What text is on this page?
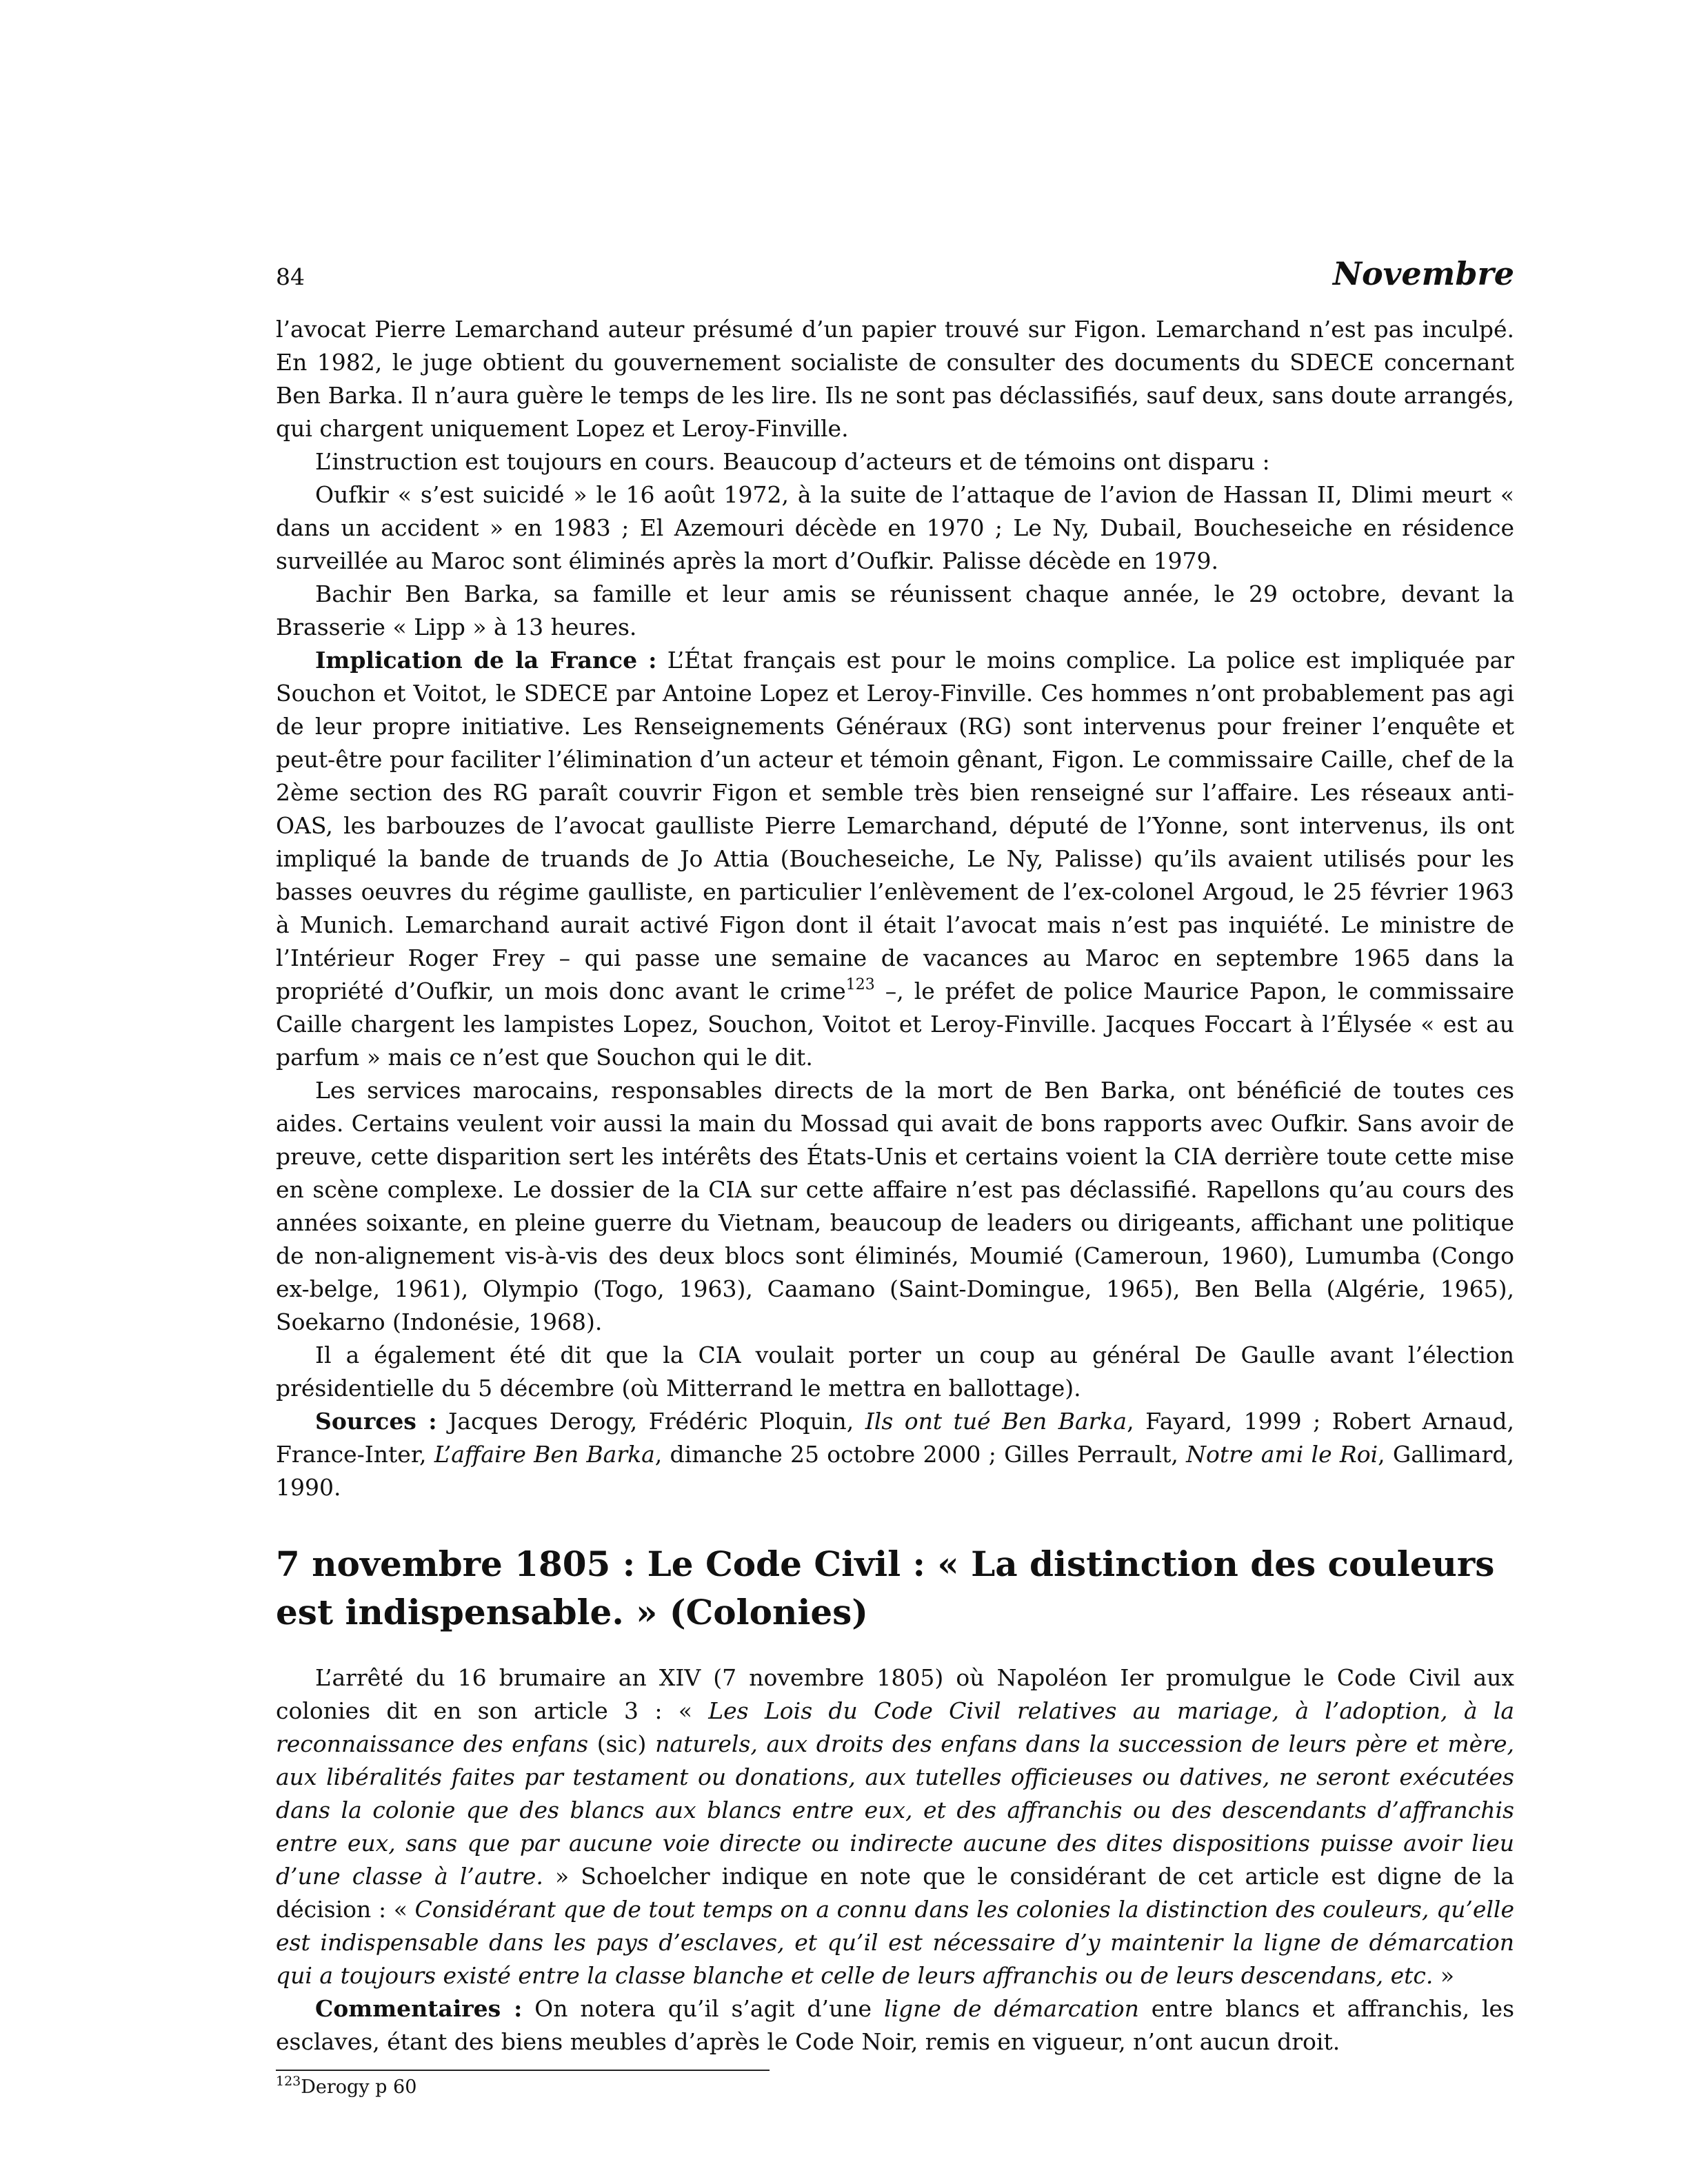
84	Novembre

l’avocat Pierre Lemarchand auteur présumé d’un papier trouvé sur Figon. Lemarchand n’est pas inculpé. En 1982, le juge obtient du gouvernement socialiste de consulter des documents du SDECE concernant Ben Barka. Il n’aura guère le temps de les lire. Ils ne sont pas déclassifiés, sauf deux, sans doute arrangés, qui chargent uniquement Lopez et Leroy-Finville.

L’instruction est toujours en cours. Beaucoup d’acteurs et de témoins ont disparu :

Oufkir « s’est suicidé » le 16 août 1972, à la suite de l’attaque de l’avion de Hassan II, Dlimi meurt « dans un accident » en 1983 ; El Azemouri décède en 1970 ; Le Ny, Dubail, Boucheseiche en résidence surveillée au Maroc sont éliminés après la mort d’Oufkir. Palisse décède en 1979.

Bachir Ben Barka, sa famille et leur amis se réunissent chaque année, le 29 octobre, devant la Brasserie « Lipp » à 13 heures.

Implication de la France : L’État français est pour le moins complice. La police est impliquée par Souchon et Voitot, le SDECE par Antoine Lopez et Leroy-Finville. Ces hommes n’ont probablement pas agi de leur propre initiative. Les Renseignements Généraux (RG) sont intervenus pour freiner l’enquête et peut-être pour faciliter l’élimination d’un acteur et témoin gênant, Figon. Le commissaire Caille, chef de la 2ème section des RG paraît couvrir Figon et semble très bien renseigné sur l’affaire. Les réseaux anti-OAS, les barbouzes de l’avocat gaulliste Pierre Lemarchand, député de l’Yonne, sont intervenus, ils ont impliqué la bande de truands de Jo Attia (Boucheseiche, Le Ny, Palisse) qu’ils avaient utilisés pour les basses oeuvres du régime gaulliste, en particulier l’enlèvement de l’ex-colonel Argoud, le 25 février 1963 à Munich. Lemarchand aurait activé Figon dont il était l’avocat mais n’est pas inquiété. Le ministre de l’Intérieur Roger Frey – qui passe une semaine de vacances au Maroc en septembre 1965 dans la propriété d’Oufkir, un mois donc avant le crime$^{123}$ –, le préfet de police Maurice Papon, le commissaire Caille chargent les lampistes Lopez, Souchon, Voitot et Leroy-Finville. Jacques Foccart à l’Élysée « est au parfum » mais ce n’est que Souchon qui le dit.

Les services marocains, responsables directs de la mort de Ben Barka, ont bénéficié de toutes ces aides. Certains veulent voir aussi la main du Mossad qui avait de bons rapports avec Oufkir. Sans avoir de preuve, cette disparition sert les intérêts des États-Unis et certains voient la CIA derrière toute cette mise en scène complexe. Le dossier de la CIA sur cette affaire n’est pas déclassifié. Rapellons qu’au cours des années soixante, en pleine guerre du Vietnam, beaucoup de leaders ou dirigeants, affichant une politique de non-alignement vis-à-vis des deux blocs sont éliminés, Moumié (Cameroun, 1960), Lumumba (Congo ex-belge, 1961), Olympio (Togo, 1963), Caamano (Saint-Domingue, 1965), Ben Bella (Algérie, 1965), Soekarno (Indonésie, 1968).

Il a également été dit que la CIA voulait porter un coup au général De Gaulle avant l’élection présidentielle du 5 décembre (où Mitterrand le mettra en ballottage).

Sources : Jacques Derogy, Frédéric Ploquin, Ils ont tué Ben Barka, Fayard, 1999 ; Robert Arnaud, France-Inter, L’affaire Ben Barka, dimanche 25 octobre 2000 ; Gilles Perrault, Notre ami le Roi, Gallimard, 1990.

7 novembre 1805 : Le Code Civil : « La distinction des couleurs est indispensable. » (Colonies)

L’arrêté du 16 brumaire an XIV (7 novembre 1805) où Napoléon Ier promulgue le Code Civil aux colonies dit en son article 3 : « Les Lois du Code Civil relatives au mariage, à l’adoption, à la reconnaissance des enfans (sic) naturels, aux droits des enfans dans la succession de leurs père et mère, aux libéralités faites par testament ou donations, aux tutelles officieuses ou datives, ne seront exécutées dans la colonie que des blancs aux blancs entre eux, et des affranchis ou des descendants d’affranchis entre eux, sans que par aucune voie directe ou indirecte aucune des dites dispositions puisse avoir lieu d’une classe à l’autre. » Schoelcher indique en note que le considérant de cet article est digne de la décision : « Considérant que de tout temps on a connu dans les colonies la distinction des couleurs, qu’elle est indispensable dans les pays d’esclaves, et qu’il est nécessaire d’y maintenir la ligne de démarcation qui a toujours existé entre la classe blanche et celle de leurs affranchis ou de leurs descendans, etc. »

Commentaires : On notera qu’il s’agit d’une ligne de démarcation entre blancs et affranchis, les esclaves, étant des biens meubles d’après le Code Noir, remis en vigueur, n’ont aucun droit.

$^{123}$Derogy p 60
